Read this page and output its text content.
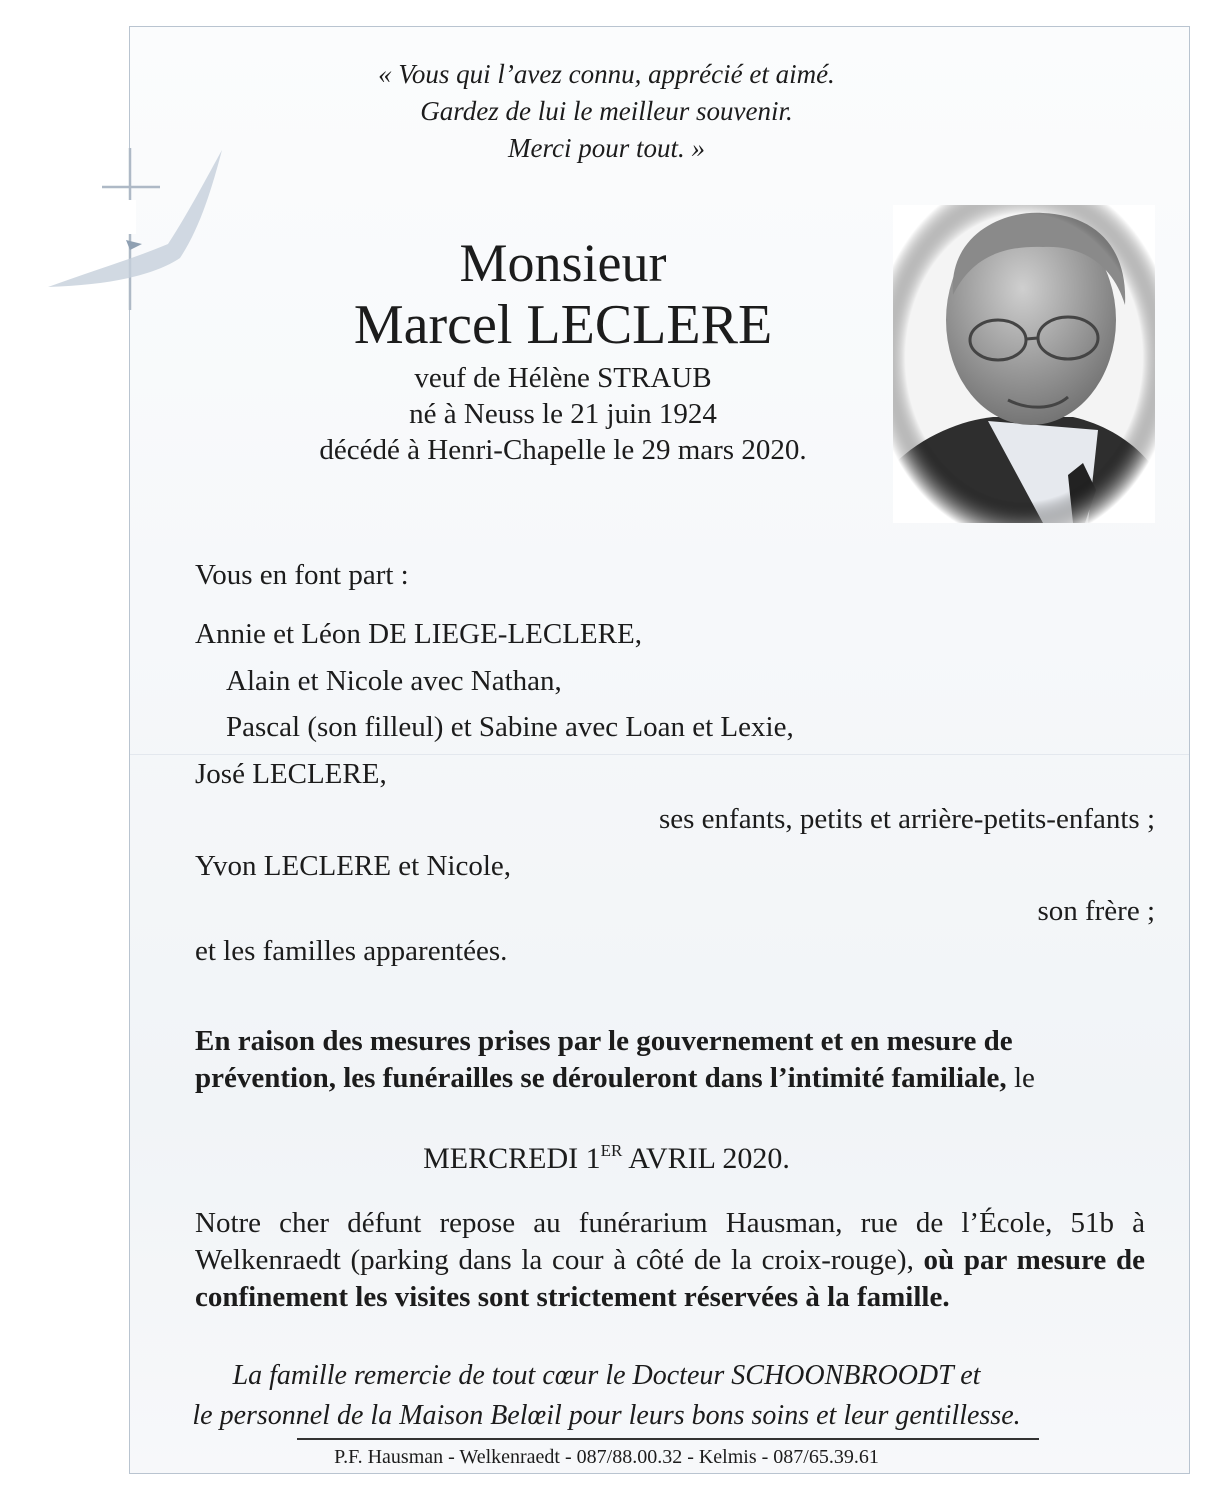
« Vous qui l’avez connu, apprécié et aimé.
Gardez de lui le meilleur souvenir.
Merci pour tout. »
Monsieur
Marcel LECLERE
veuf de Hélène STRAUB
né à Neuss le 21 juin 1924
décédé à Henri-Chapelle le 29 mars 2020.
Vous en font part :
Annie et Léon DE LIEGE-LECLERE,
Alain et Nicole avec Nathan,
Pascal (son filleul) et Sabine avec Loan et Lexie,
José LECLERE,
ses enfants, petits et arrière-petits-enfants ;
Yvon LECLERE et Nicole,
son frère ;
et les familles apparentées.
En raison des mesures prises par le gouvernement et en mesure de prévention, les funérailles se dérouleront dans l’intimité familiale, le
MERCREDI 1ER AVRIL 2020.
Notre cher défunt repose au funérarium Hausman, rue de l’École, 51b à Welkenraedt (parking dans la cour à côté de la croix-rouge), où par mesure de confinement les visites sont strictement réservées à la famille.
La famille remercie de tout cœur le Docteur SCHOONBROODT et
le personnel de la Maison Belœil pour leurs bons soins et leur gentillesse.
P.F. Hausman - Welkenraedt - 087/88.00.32 - Kelmis - 087/65.39.61
